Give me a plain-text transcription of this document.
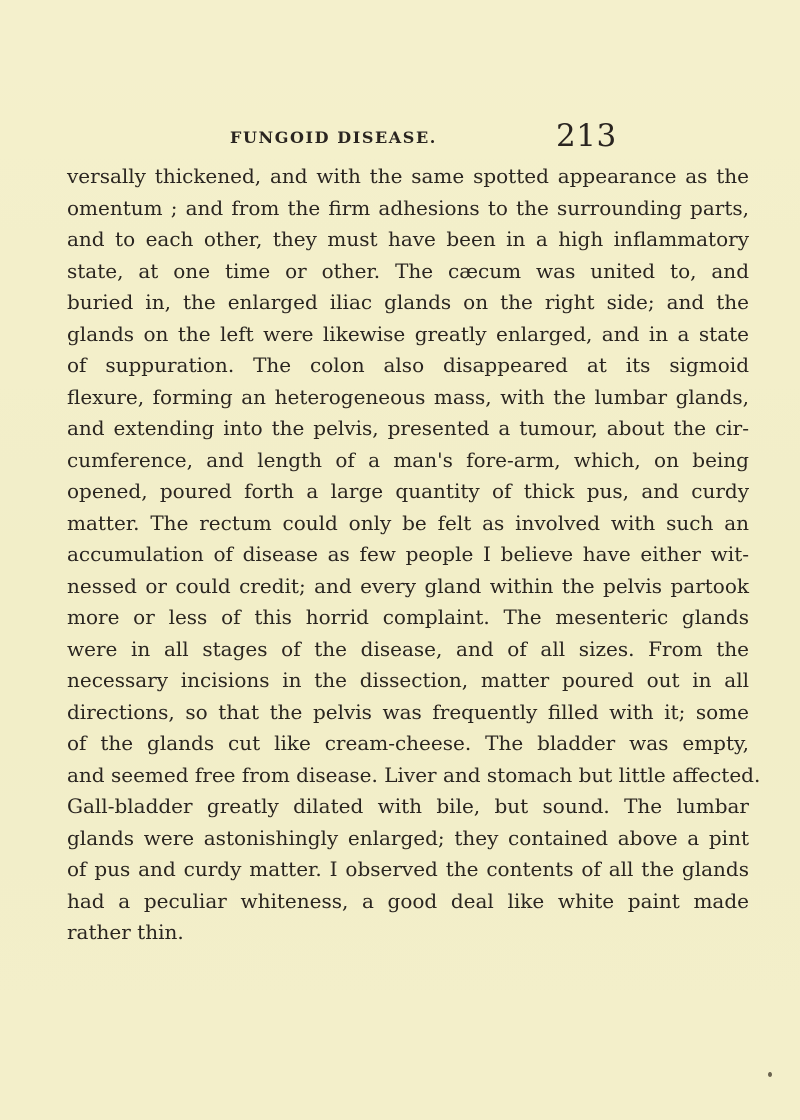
FUNGOID DISEASE.	213
versally thickened, and with the same spotted appearance as the
omentum ; and from the firm adhesions to the surrounding parts,
and to each other, they must have been in a high inflammatory
state, at one time or other. The cæcum was united to, and
buried in, the enlarged iliac glands on the right side; and the
glands on the left were likewise greatly enlarged, and in a state
of suppuration. The colon also disappeared at its sigmoid
flexure, forming an heterogeneous mass, with the lumbar glands,
and extending into the pelvis, presented a tumour, about the cir-
cumference, and length of a man's fore-arm, which, on being
opened, poured forth a large quantity of thick pus, and curdy
matter. The rectum could only be felt as involved with such an
accumulation of disease as few people I believe have either wit-
nessed or could credit; and every gland within the pelvis partook
more or less of this horrid complaint. The mesenteric glands
were in all stages of the disease, and of all sizes. From the
necessary incisions in the dissection, matter poured out in all
directions, so that the pelvis was frequently filled with it; some
of the glands cut like cream-cheese. The bladder was empty,
and seemed free from disease. Liver and stomach but little affected.
Gall-bladder greatly dilated with bile, but sound. The lumbar
glands were astonishingly enlarged; they contained above a pint
of pus and curdy matter. I observed the contents of all the glands
had a peculiar whiteness, a good deal like white paint made
rather thin.
